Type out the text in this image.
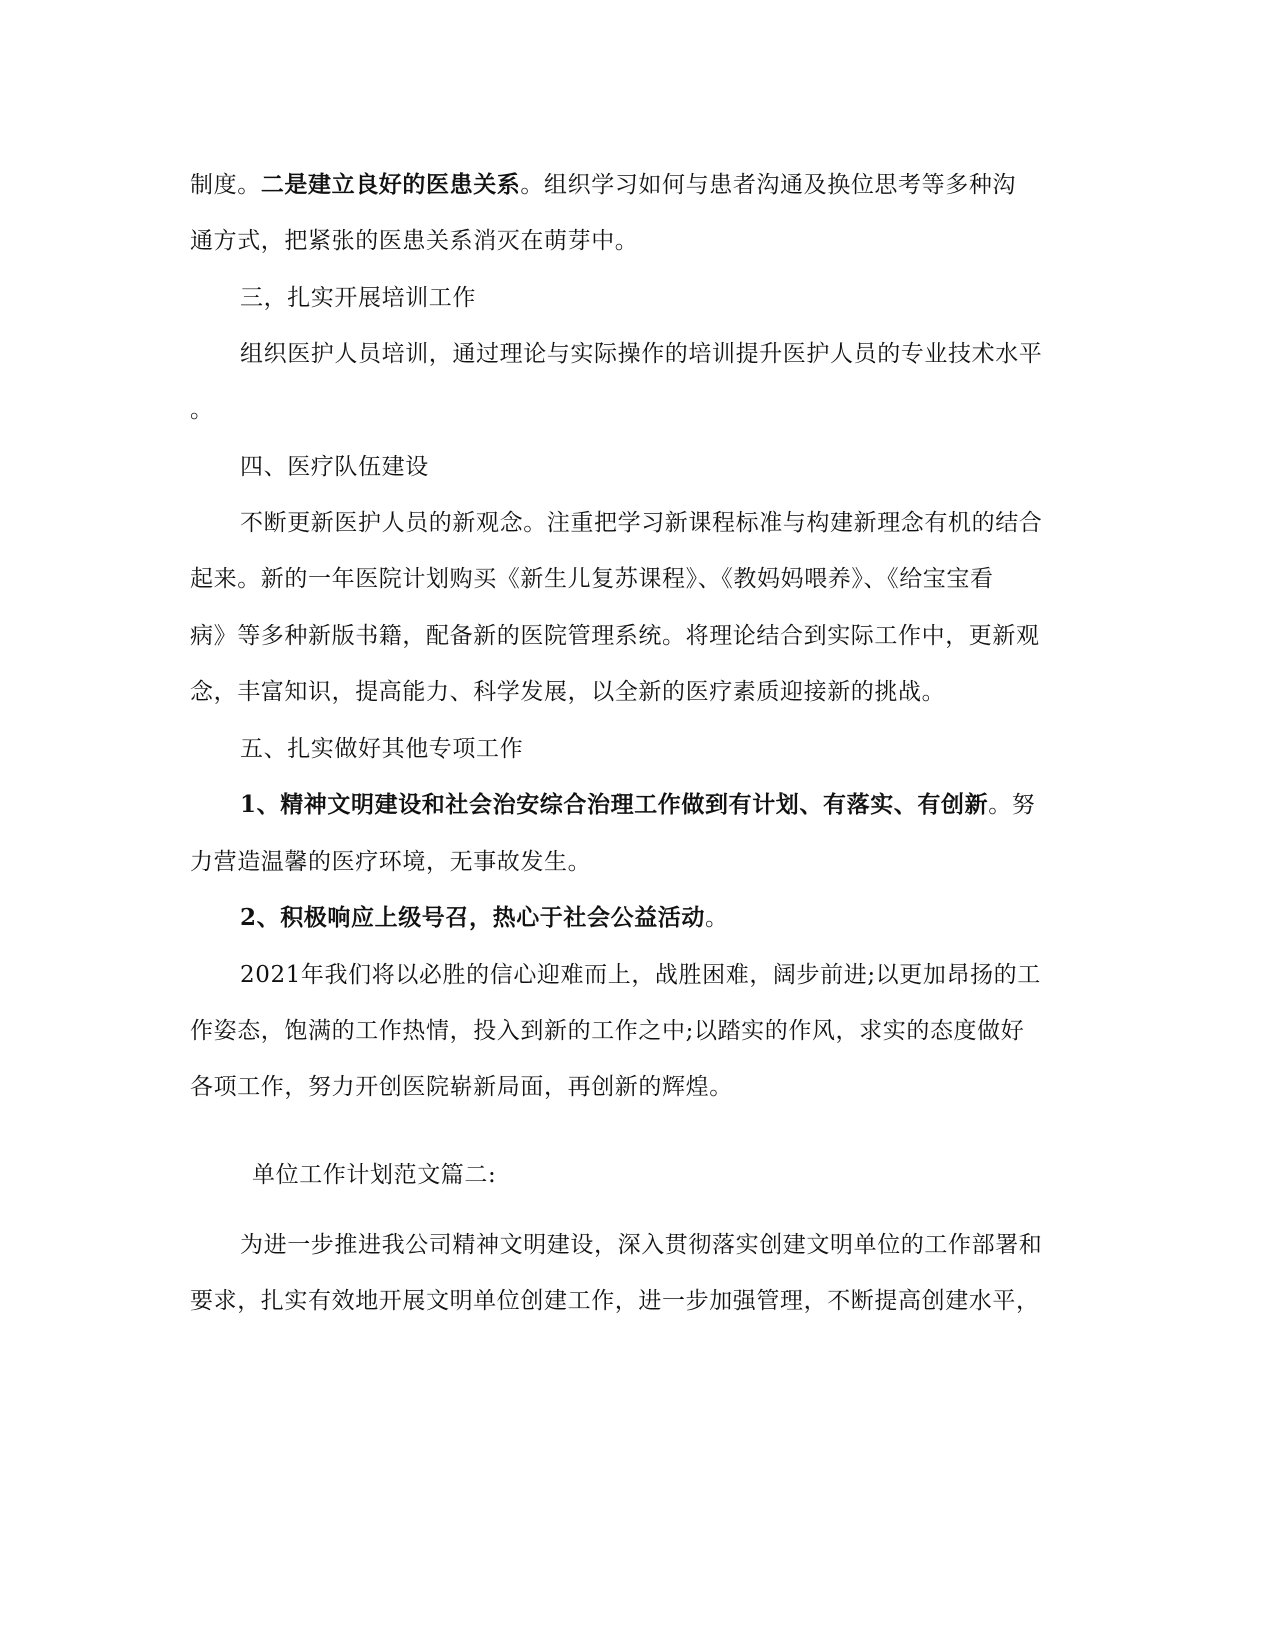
制度。二是建立良好的医患关系。组织学习如何与患者沟通及换位思考等多种沟
通方式，把紧张的医患关系消灭在萌芽中。
三，扎实开展培训工作
组织医护人员培训，通过理论与实际操作的培训提升医护人员的专业技术水平
。
四、医疗队伍建设
不断更新医护人员的新观念。注重把学习新课程标准与构建新理念有机的结合
起来。新的一年医院计划购买《新生儿复苏课程》、《教妈妈喂养》、《给宝宝看
病》等多种新版书籍，配备新的医院管理系统。将理论结合到实际工作中，更新观
念，丰富知识，提高能力、科学发展，以全新的医疗素质迎接新的挑战。
五、扎实做好其他专项工作
1、精神文明建设和社会治安综合治理工作做到有计划、有落实、有创新。努
力营造温馨的医疗环境，无事故发生。
2、积极响应上级号召，热心于社会公益活动。
2021年我们将以必胜的信心迎难而上，战胜困难，阔步前进;以更加昂扬的工
作姿态，饱满的工作热情，投入到新的工作之中;以踏实的作风，求实的态度做好
各项工作，努力开创医院崭新局面，再创新的辉煌。
单位工作计划范文篇二:
为进一步推进我公司精神文明建设，深入贯彻落实创建文明单位的工作部署和
要求，扎实有效地开展文明单位创建工作，进一步加强管理，不断提高创建水平，
